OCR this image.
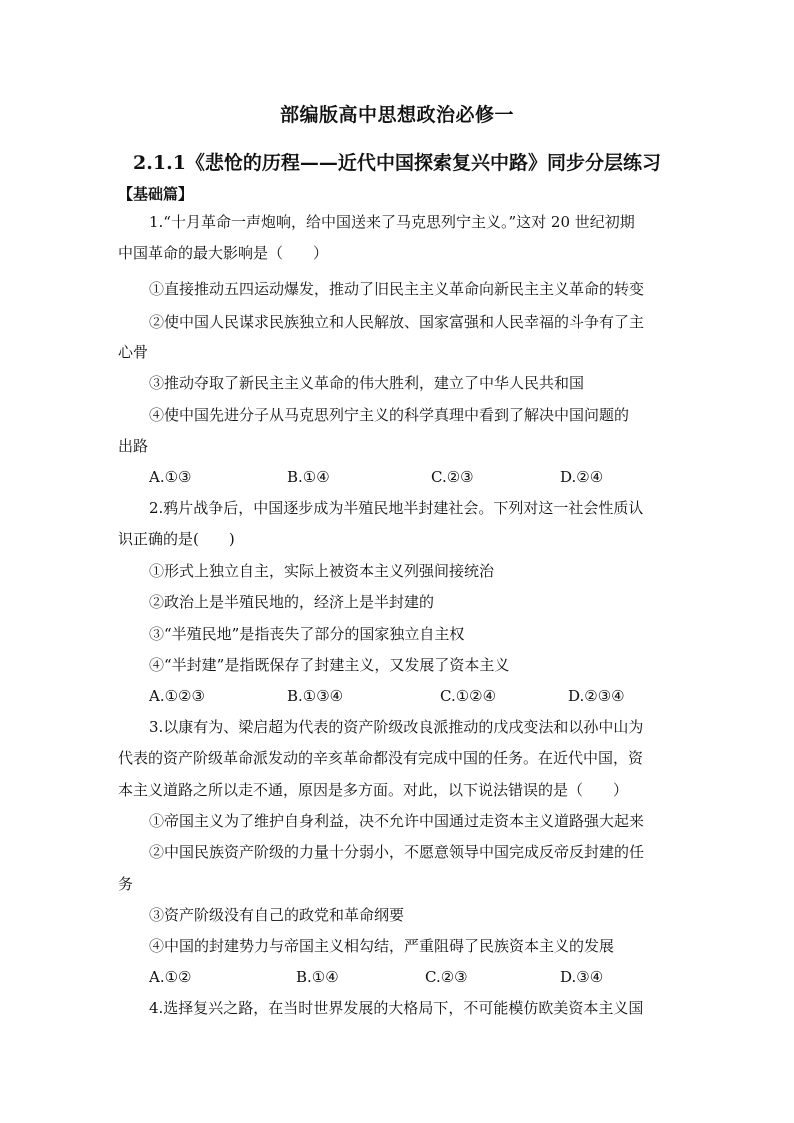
部编版高中思想政治必修一
2.1.1《悲怆的历程——近代中国探索复兴中路》同步分层练习
【基础篇】
1.“十月革命一声炮响，给中国送来了马克思列宁主义。”这对 20 世纪初期
中国革命的最大影响是（　　）
①直接推动五四运动爆发，推动了旧民主主义革命向新民主主义革命的转变
②使中国人民谋求民族独立和人民解放、国家富强和人民幸福的斗争有了主
心骨
③推动夺取了新民主主义革命的伟大胜利，建立了中华人民共和国
④使中国先进分子从马克思列宁主义的科学真理中看到了解决中国问题的
出路
A.①③	B.①④	C.②③	D.②④
2.鸦片战争后，中国逐步成为半殖民地半封建社会。下列对这一社会性质认
识正确的是(　　)
①形式上独立自主，实际上被资本主义列强间接统治
②政治上是半殖民地的，经济上是半封建的
③“半殖民地”是指丧失了部分的国家独立自主权
④“半封建”是指既保存了封建主义，又发展了资本主义
A.①②③	B.①③④	C.①②④	D.②③④
3.以康有为、梁启超为代表的资产阶级改良派推动的戊戌变法和以孙中山为
代表的资产阶级革命派发动的辛亥革命都没有完成中国的任务。在近代中国，资
本主义道路之所以走不通，原因是多方面。对此，以下说法错误的是（　　）
①帝国主义为了维护自身利益，决不允许中国通过走资本主义道路强大起来
②中国民族资产阶级的力量十分弱小，不愿意领导中国完成反帝反封建的任
务
③资产阶级没有自己的政党和革命纲要
④中国的封建势力与帝国主义相勾结，严重阻碍了民族资本主义的发展
A.①②	B.①④	C.②③	D.③④
4.选择复兴之路，在当时世界发展的大格局下，不可能模仿欧美资本主义国
